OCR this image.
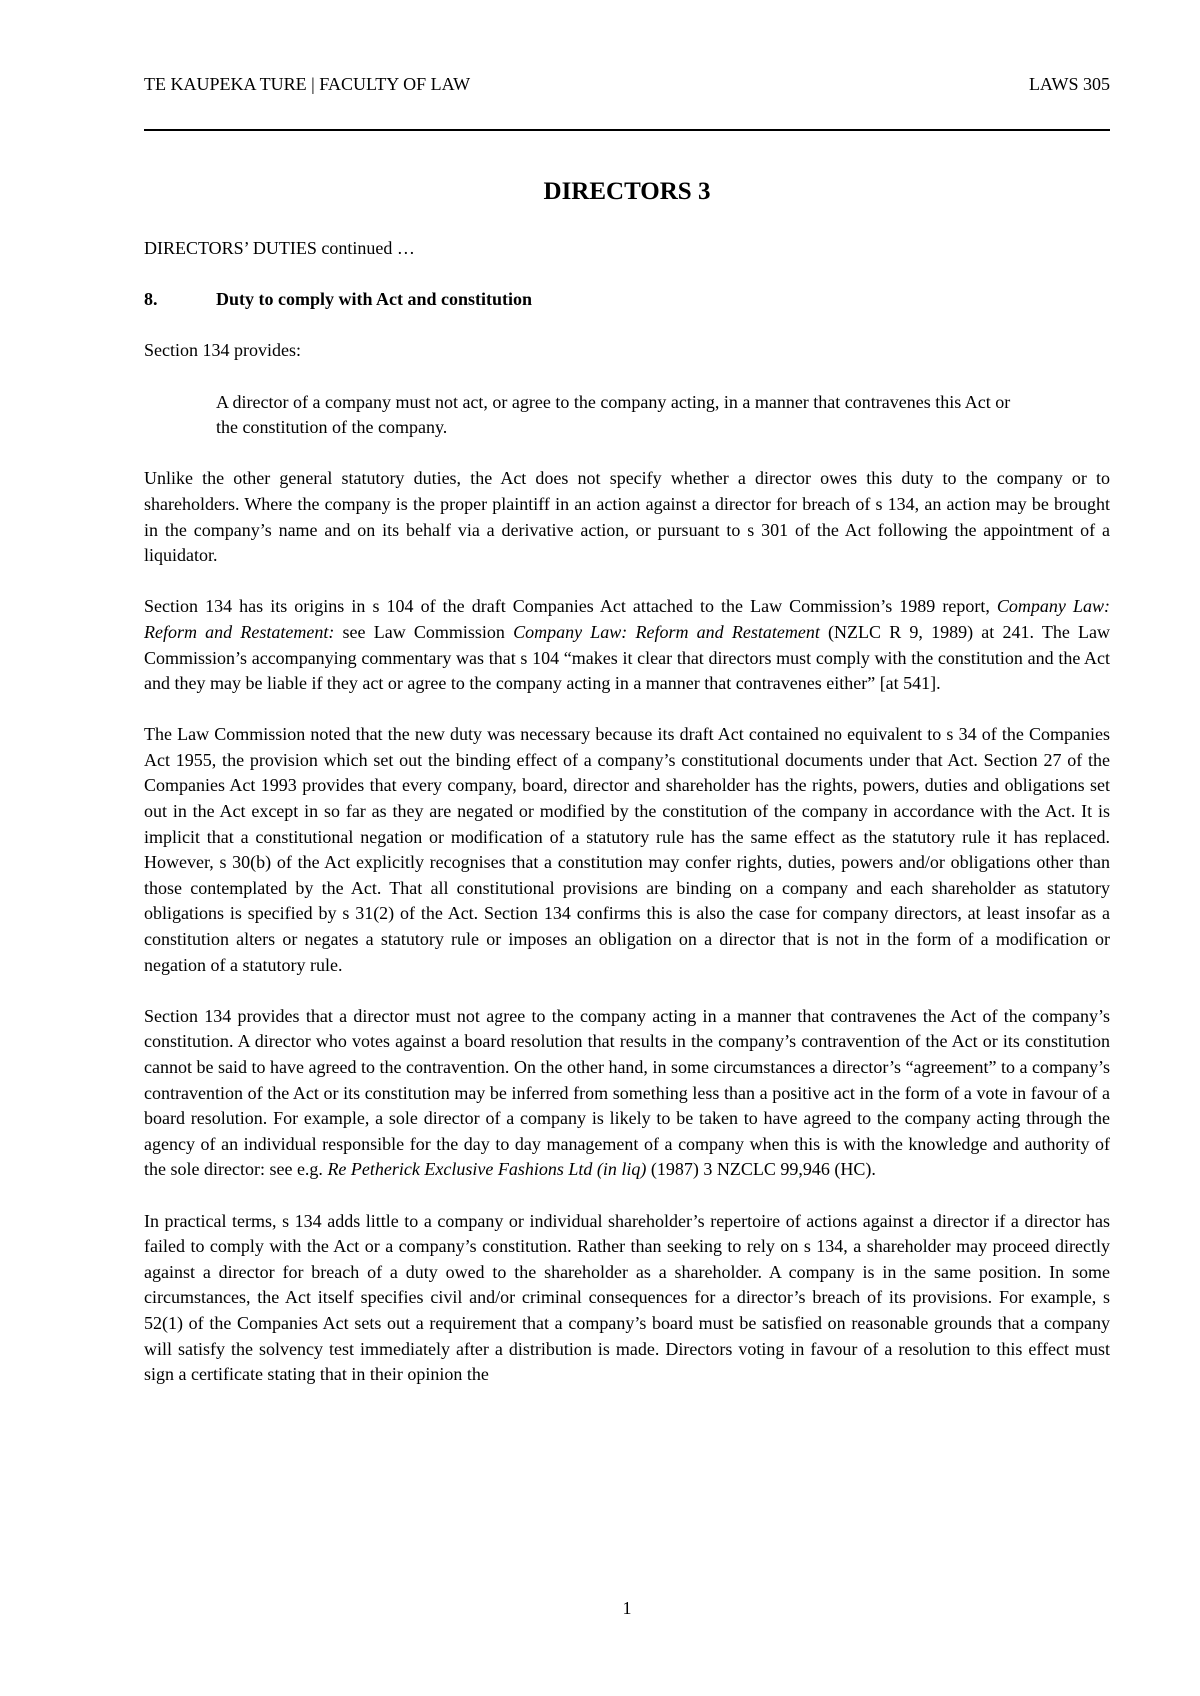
TE KAUPEKA TURE | FACULTY OF LAW	LAWS 305
DIRECTORS 3

DIRECTORS’ DUTIES continued …

8.	Duty to comply with Act and constitution

Section 134 provides:

A director of a company must not act, or agree to the company acting, in a manner that contravenes this Act or the constitution of the company.

Unlike the other general statutory duties, the Act does not specify whether a director owes this duty to the company or to shareholders. Where the company is the proper plaintiff in an action against a director for breach of s 134, an action may be brought in the company’s name and on its behalf via a derivative action, or pursuant to s 301 of the Act following the appointment of a liquidator.

Section 134 has its origins in s 104 of the draft Companies Act attached to the Law Commission’s 1989 report, Company Law: Reform and Restatement: see Law Commission Company Law: Reform and Restatement (NZLC R 9, 1989) at 241. The Law Commission’s accompanying commentary was that s 104 “makes it clear that directors must comply with the constitution and the Act and they may be liable if they act or agree to the company acting in a manner that contravenes either” [at 541].

The Law Commission noted that the new duty was necessary because its draft Act contained no equivalent to s 34 of the Companies Act 1955, the provision which set out the binding effect of a company’s constitutional documents under that Act. Section 27 of the Companies Act 1993 provides that every company, board, director and shareholder has the rights, powers, duties and obligations set out in the Act except in so far as they are negated or modified by the constitution of the company in accordance with the Act. It is implicit that a constitutional negation or modification of a statutory rule has the same effect as the statutory rule it has replaced. However, s 30(b) of the Act explicitly recognises that a constitution may confer rights, duties, powers and/or obligations other than those contemplated by the Act. That all constitutional provisions are binding on a company and each shareholder as statutory obligations is specified by s 31(2) of the Act. Section 134 confirms this is also the case for company directors, at least insofar as a constitution alters or negates a statutory rule or imposes an obligation on a director that is not in the form of a modification or negation of a statutory rule.

Section 134 provides that a director must not agree to the company acting in a manner that contravenes the Act of the company’s constitution. A director who votes against a board resolution that results in the company’s contravention of the Act or its constitution cannot be said to have agreed to the contravention. On the other hand, in some circumstances a director’s “agreement” to a company’s contravention of the Act or its constitution may be inferred from something less than a positive act in the form of a vote in favour of a board resolution. For example, a sole director of a company is likely to be taken to have agreed to the company acting through the agency of an individual responsible for the day to day management of a company when this is with the knowledge and authority of the sole director: see e.g. Re Petherick Exclusive Fashions Ltd (in liq) (1987) 3 NZCLC 99,946 (HC).

In practical terms, s 134 adds little to a company or individual shareholder’s repertoire of actions against a director if a director has failed to comply with the Act or a company’s constitution. Rather than seeking to rely on s 134, a shareholder may proceed directly against a director for breach of a duty owed to the shareholder as a shareholder. A company is in the same position. In some circumstances, the Act itself specifies civil and/or criminal consequences for a director’s breach of its provisions. For example, s 52(1) of the Companies Act sets out a requirement that a company’s board must be satisfied on reasonable grounds that a company will satisfy the solvency test immediately after a distribution is made. Directors voting in favour of a resolution to this effect must sign a certificate stating that in their opinion the

1
